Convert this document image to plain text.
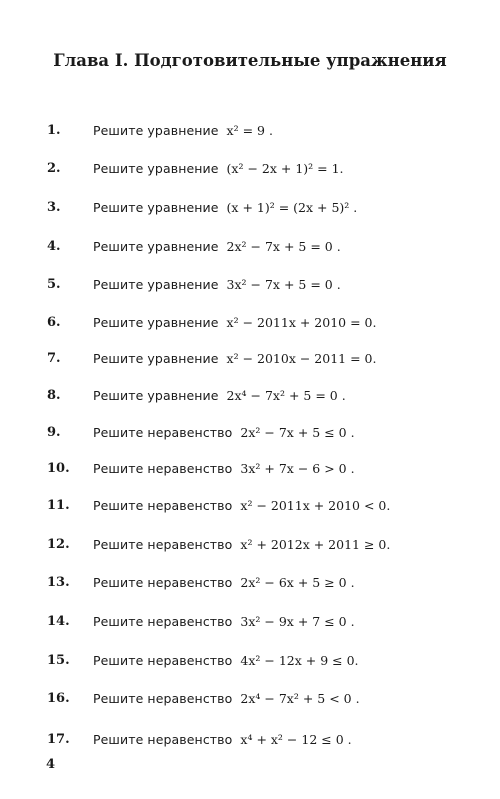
Глава I. Подготовительные упражнения
1.	Решите уравнение x² = 9 .
2.	Решите уравнение (x² − 2x + 1)² = 1.
3.	Решите уравнение (x + 1)² = (2x + 5)² .
4.	Решите уравнение 2x² − 7x + 5 = 0 .
5.	Решите уравнение 3x² − 7x + 5 = 0 .
6.	Решите уравнение x² − 2011x + 2010 = 0.
7.	Решите уравнение x² − 2010x − 2011 = 0.
8.	Решите уравнение 2x⁴ − 7x² + 5 = 0 .
9.	Решите неравенство 2x² − 7x + 5 ≤ 0 .
10. Решите неравенство 3x² + 7x − 6 > 0 .
11. Решите неравенство x² − 2011x + 2010 < 0.
12. Решите неравенство x² + 2012x + 2011 ≥ 0.
13. Решите неравенство 2x² − 6x + 5 ≥ 0 .
14. Решите неравенство 3x² − 9x + 7 ≤ 0 .
15. Решите неравенство 4x² − 12x + 9 ≤ 0.
16. Решите неравенство 2x⁴ − 7x² + 5 < 0 .
17. Решите неравенство x⁴ + x² − 12 ≤ 0 .
4
